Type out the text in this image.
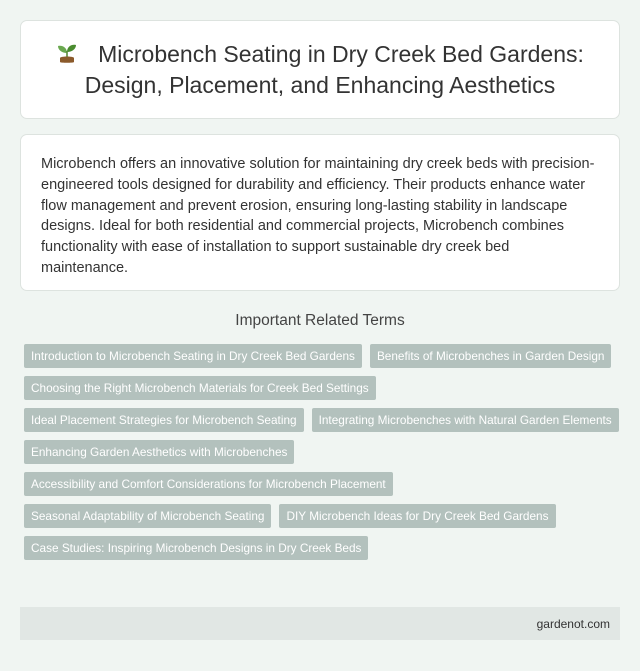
Microbench Seating in Dry Creek Bed Gardens: Design, Placement, and Enhancing Aesthetics

Microbench offers an innovative solution for maintaining dry creek beds with precision-engineered tools designed for durability and efficiency. Their products enhance water flow management and prevent erosion, ensuring long-lasting stability in landscape designs. Ideal for both residential and commercial projects, Microbench combines functionality with ease of installation to support sustainable dry creek bed maintenance.

Important Related Terms
Introduction to Microbench Seating in Dry Creek Bed Gardens	Benefits of Microbenches in Garden Design
Choosing the Right Microbench Materials for Creek Bed Settings
Ideal Placement Strategies for Microbench Seating	Integrating Microbenches with Natural Garden Elements
Enhancing Garden Aesthetics with Microbenches
Accessibility and Comfort Considerations for Microbench Placement
Seasonal Adaptability of Microbench Seating	DIY Microbench Ideas for Dry Creek Bed Gardens
Case Studies: Inspiring Microbench Designs in Dry Creek Beds
gardenot.com
